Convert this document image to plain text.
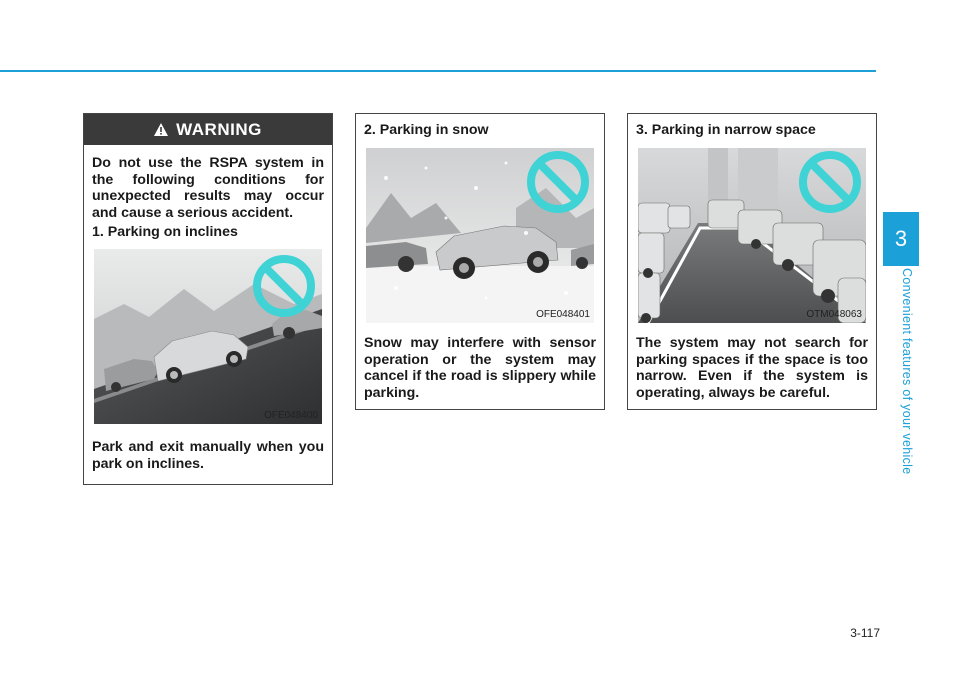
3
Convenient features of your vehicle
WARNING
Do not use the RSPA system in the following conditions for unexpected results may occur and cause a serious accident.
1. Parking on inclines
OFE048400
Park and exit manually when you park on inclines.
2. Parking in snow
OFE048401
Snow may interfere with sensor operation or the system may cancel if the road is slippery while parking.
3. Parking in narrow space
OTM048063
The system may not search for parking spaces if the space is too narrow. Even if the system is operating, always be careful.
3-117
